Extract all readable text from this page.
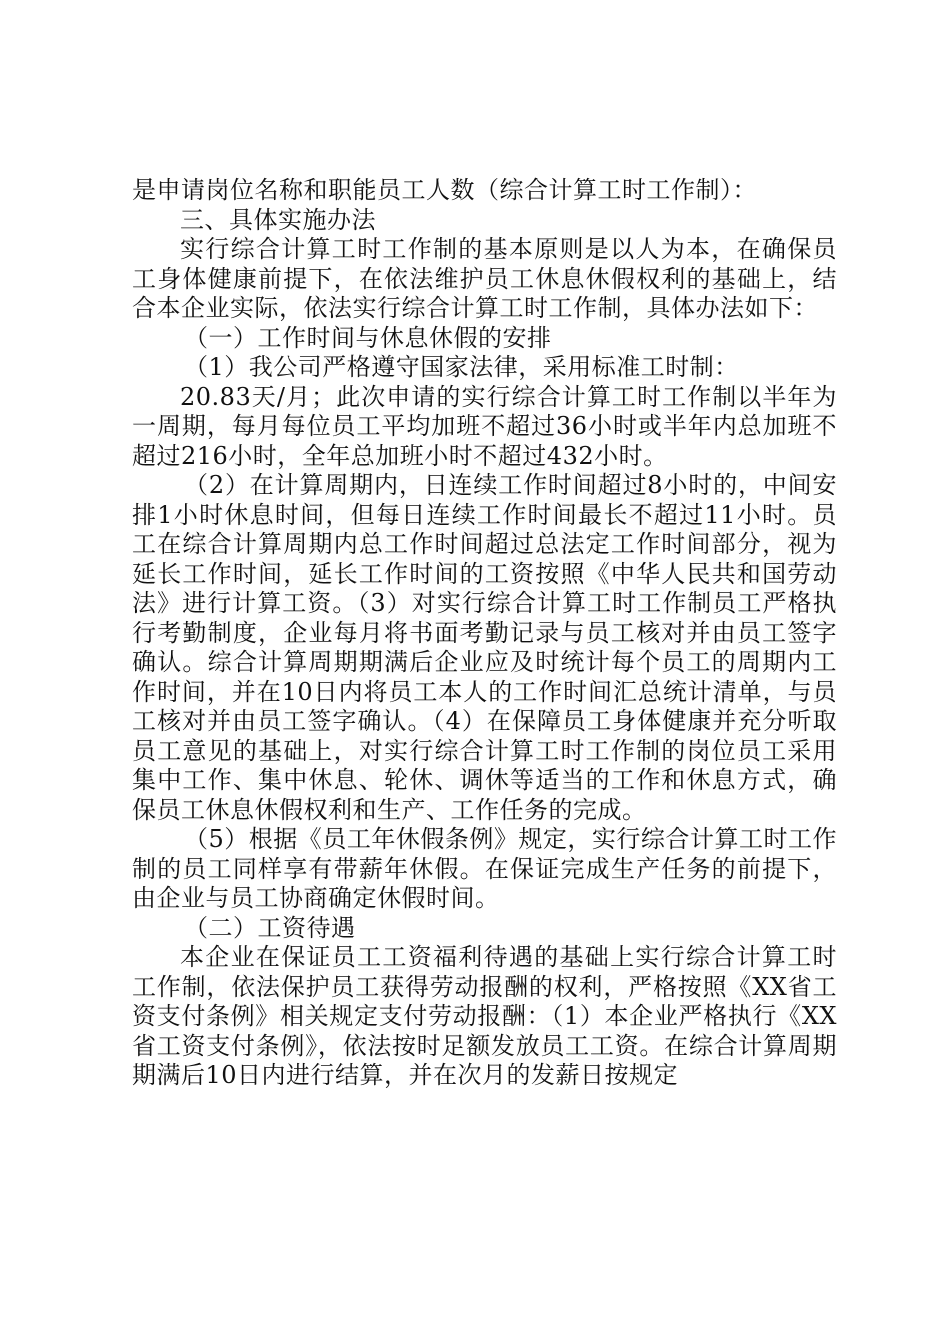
是申请岗位名称和职能员工人数（综合计算工时工作制）：

三、具体实施办法

实行综合计算工时工作制的基本原则是以人为本，在确保员工身体健康前提下，在依法维护员工休息休假权利的基础上，结合本企业实际，依法实行综合计算工时工作制，具体办法如下：

（一）工作时间与休息休假的安排

（1）我公司严格遵守国家法律，采用标准工时制：

20.83天/月；此次申请的实行综合计算工时工作制以半年为一周期，每月每位员工平均加班不超过36小时或半年内总加班不超过216小时，全年总加班小时不超过432小时。

（2）在计算周期内，日连续工作时间超过8小时的，中间安排1小时休息时间，但每日连续工作时间最长不超过11小时。员工在综合计算周期内总工作时间超过总法定工作时间部分，视为延长工作时间，延长工作时间的工资按照《中华人民共和国劳动法》进行计算工资。（3）对实行综合计算工时工作制员工严格执行考勤制度，企业每月将书面考勤记录与员工核对并由员工签字确认。综合计算周期期满后企业应及时统计每个员工的周期内工作时间，并在10日内将员工本人的工作时间汇总统计清单，与员工核对并由员工签字确认。（4）在保障员工身体健康并充分听取员工意见的基础上，对实行综合计算工时工作制的岗位员工采用集中工作、集中休息、轮休、调休等适当的工作和休息方式，确保员工休息休假权利和生产、工作任务的完成。

（5）根据《员工年休假条例》规定，实行综合计算工时工作制的员工同样享有带薪年休假。在保证完成生产任务的前提下，由企业与员工协商确定休假时间。

（二）工资待遇

本企业在保证员工工资福利待遇的基础上实行综合计算工时工作制，依法保护员工获得劳动报酬的权利，严格按照《XX省工资支付条例》相关规定支付劳动报酬：（1）本企业严格执行《XX省工资支付条例》，依法按时足额发放员工工资。在综合计算周期期满后10日内进行结算，并在次月的发薪日按规定
